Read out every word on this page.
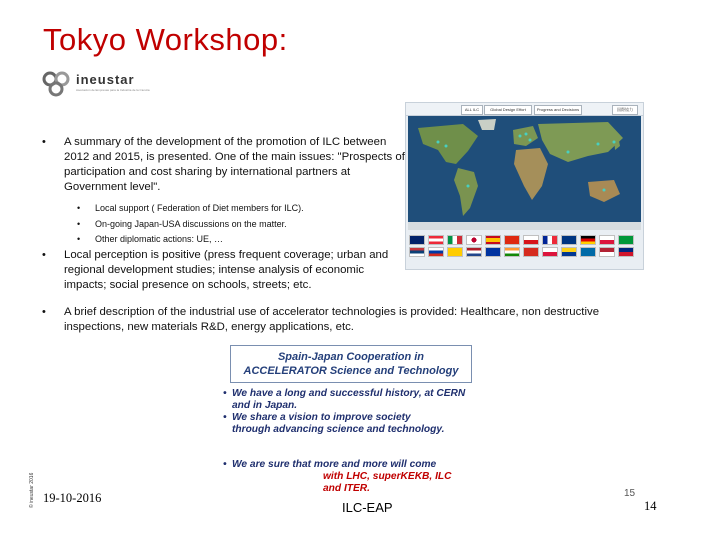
Tokyo Workshop:
ineustar
Asociación de Empresas para la Industria de la Ciencia
© ineustar 2016
ALL ILC	Global Design Effort	Progress and Decisions	国際協力
• A summary of the development of the promotion of ILC between 2012 and 2015, is presented. One of the main issues: "Prospects of participation and cost sharing by international partners at Government level".
• Local support ( Federation of Diet members for ILC).
• On-going Japan-USA discussions on the matter.
• Other diplomatic actions: UE, …
• Local perception is positive (press frequent coverage; urban and regional development studies; intense analysis of economic impacts; social presence on schools, streets; etc.
• A brief description of the industrial use of accelerator technologies is provided: Healthcare, non destructive inspections, new materials R&D, energy applications, etc.
Spain-Japan Cooperation in
ACCELERATOR Science and Technology
• We have a long and successful history, at CERN and in Japan.
• We share a vision to improve society through advancing science and technology.
• We are sure that more and more will come
with LHC, superKEKB, ILC and ITER.
19-10-2016
ILC-EAP
15
14
